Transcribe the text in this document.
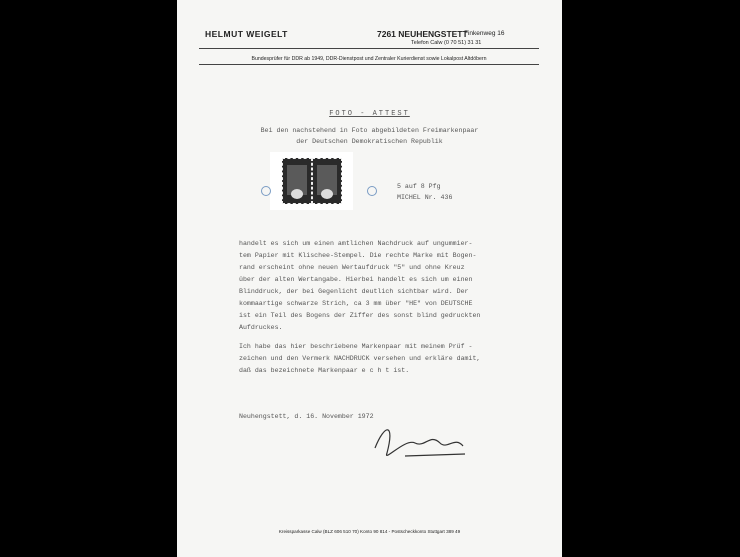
HELMUT WEIGELT	7261 NEUHENGSTETT
Finkenweg 16
Telefon Calw (0 70 51) 31 31
Bundesprüfer für DDR ab 1949, DDR-Dienstpost und Zentraler Kurierdienst sowie Lokalpost Altdöbern
FOTO - ATTEST
Bei den nachstehend in Foto abgebildeten Freimarkenpaar
der Deutschen Demokratischen Republik
5 auf 8 Pfg
MICHEL Nr. 436
handelt es sich um einen amtlichen Nachdruck auf ungummier-
tem Papier mit Klischee-Stempel. Die rechte Marke mit Bogen-
rand erscheint ohne neuen Wertaufdruck "5" und ohne Kreuz
über der alten Wertangabe. Hierbei handelt es sich um einen
Blinddruck, der bei Gegenlicht deutlich sichtbar wird. Der
kommaartige schwarze Strich, ca 3 mm über "HE" von DEUTSCHE
ist ein Teil des Bogens der Ziffer des sonst blind gedruckten
Aufdruckes.
Ich habe das hier beschriebene Markenpaar mit meinem Prüf -
zeichen und den Vermerk NACHDRUCK versehen und erkläre damit,
daß das bezeichnete Markenpaar e c h t ist.
Neuhengstett, d. 16. November 1972
Kreissparkasse Calw (BLZ 606 510 70) Konto 90 814 - Postscheckkonto Stuttgart 389 49
